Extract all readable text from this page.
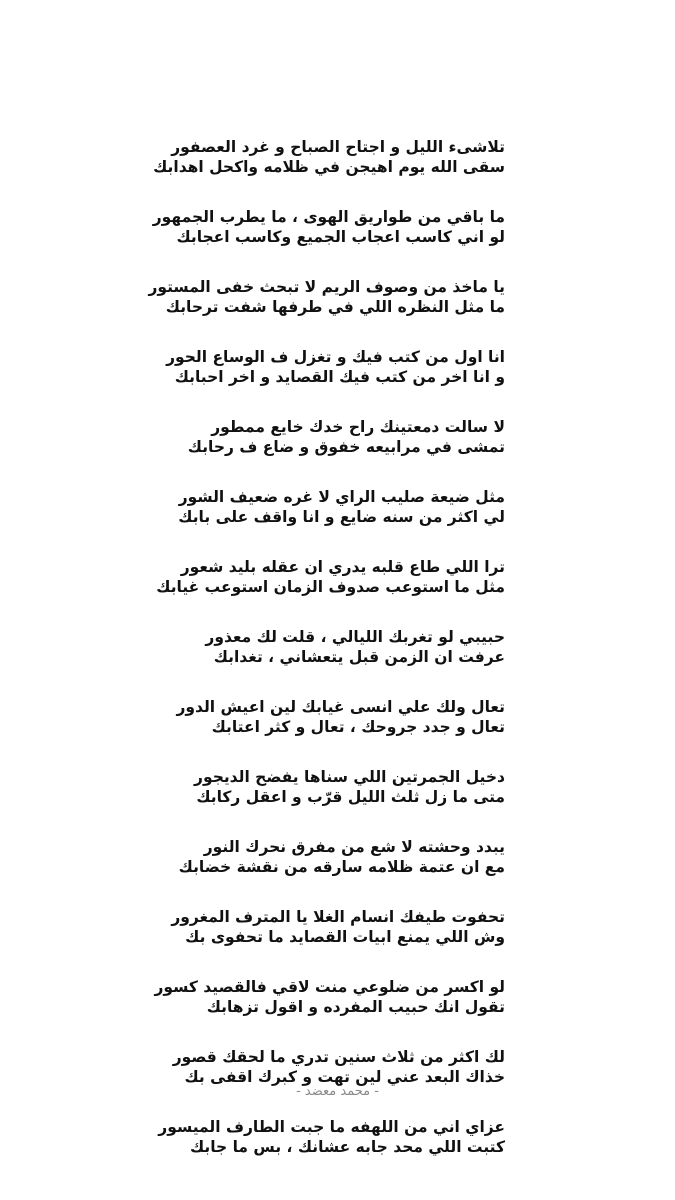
تلاشىء الليل و اجتاح الصباح و غرد العصفور
سقى الله يوم اهيجن في ظلامه واكحل اهدابك
ما باقي من طواريق الهوى ، ما يطرب الجمهور
لو اني كاسب اعجاب الجميع وكاسب اعجابك
يا ماخذ من وصوف الريم لا تبحث خفى المستور
ما مثل النظره اللي في طرفها شفت ترحابك
انا اول من كتب فيك و تغزل ف الوساع الحور
و انا اخر من كتب فيك القصايد و اخر احبابك
لا سالت دمعتينك راح خدك خايع ممطور
تمشى في مرابيعه خفوق و ضاع ف رحابك
مثل ضيعة صليب الراي لا غره ضعيف الشور
لي اكثر من سنه ضايع و انا واقف على بابك
ترا اللي طاع قلبه يدري ان عقله بليد شعور
مثل ما استوعب صدوف الزمان استوعب غيابك
حبيبي لو تغربك الليالي ، قلت لك معذور
عرفت ان الزمن قبل يتعشاني ، تغدابك
تعال ولك علي انسى غيابك لين اعيش الدور
تعال و جدد جروحك ، تعال و كثر اعتابك
دخيل الجمرتين اللي سناها يفضح الديجور
متى ما زل ثلث الليل قرّب و اعقل ركابك
يبدد وحشته لا شع من مفرق نحرك النور
مع ان عتمة ظلامه سارقه من نقشة خضابك
تحفوت طيفك انسام الغلا يا المترف المغرور
وش اللي يمنع ابيات القصايد ما تحفوى بك
لو اكسر من ضلوعي منت لاقي فالقصيد كسور
تقول انك حبيب المفرده و اقول تزهابك
لك اكثر من ثلاث سنين تدري ما لحقك قصور
خذاك البعد عني لين تهت و كبرك اقفى بك
عزاي اني من اللهفه ما جبت الطارف الميسور
كتبت اللي محد جابه عشانك ، بس ما جابك
- محمد معضد -
